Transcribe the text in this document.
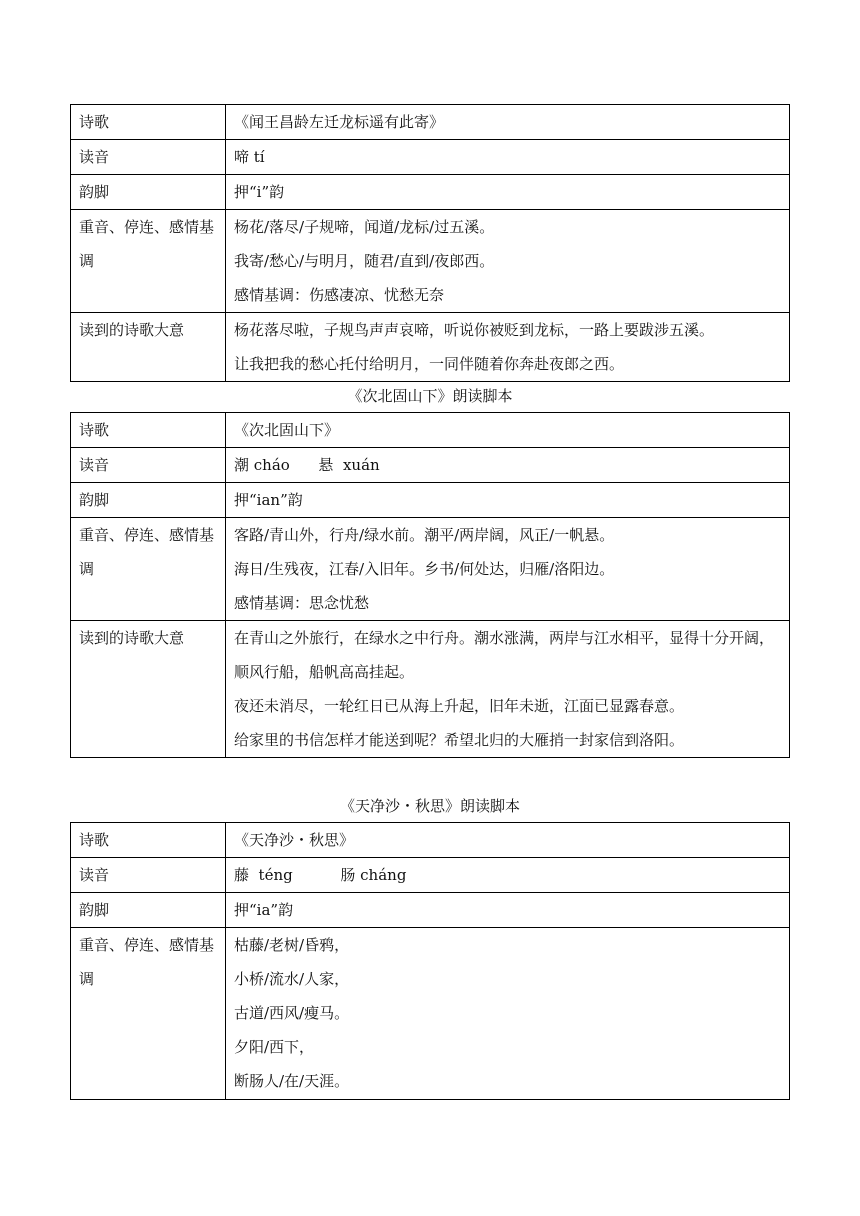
诗歌	《闻王昌龄左迁龙标遥有此寄》

读音	啼 tí

韵脚	押“i”韵

重音、停连、感情基调	杨花/落尽/子规啼，闻道/龙标/过五溪。
我寄/愁心/与明月，随君/直到/夜郎西。
感情基调：伤感凄凉、忧愁无奈

读到的诗歌大意	杨花落尽啦，子规鸟声声哀啼，听说你被贬到龙标，一路上要跋涉五溪。
让我把我的愁心托付给明月，一同伴随着你奔赴夜郎之西。
《次北固山下》朗读脚本
诗歌	《次北固山下》

读音	潮 cháo      悬  xuán

韵脚	押“ian”韵

重音、停连、感情基调	客路/青山外，行舟/绿水前。潮平/两岸阔，风正/一帆悬。
海日/生残夜，江春/入旧年。乡书/何处达，归雁/洛阳边。
感情基调：思念忧愁

读到的诗歌大意	在青山之外旅行，在绿水之中行舟。潮水涨满，两岸与江水相平，显得十分开阔，顺风行船，船帆高高挂起。
夜还未消尽，一轮红日已从海上升起，旧年未逝，江面已显露春意。
给家里的书信怎样才能送到呢？希望北归的大雁捎一封家信到洛阳。
《天净沙・秋思》朗读脚本
诗歌	《天净沙・秋思》

读音	藤  téng          肠 cháng

韵脚	押“ia”韵

重音、停连、感情基调	枯藤/老树/昏鸦，
小桥/流水/人家，
古道/西风/瘦马。
夕阳/西下，
断肠人/在/天涯。
